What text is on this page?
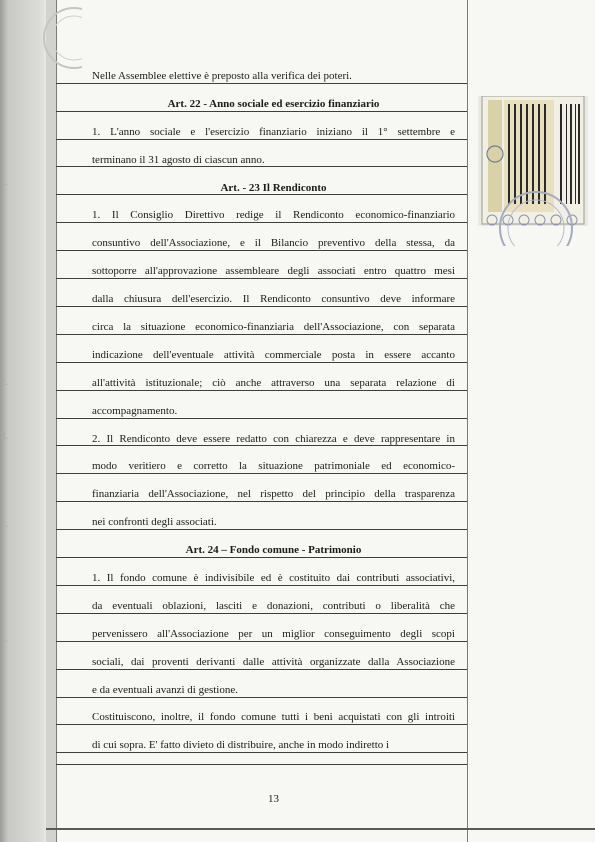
1.
2.
3.
1.
1.
Nelle Assemblee elettive è preposto alla verifica dei poteri.
Art. 22 - Anno sociale ed esercizio finanziario
1. L'anno sociale e l'esercizio finanziario iniziano il 1° settembre e
terminano il 31 agosto di ciascun anno.
Art. - 23 Il Rendiconto
1. Il Consiglio Direttivo redige il Rendiconto economico-finanziario
consuntivo dell'Associazione, e il Bilancio preventivo della stessa, da
sottoporre all'approvazione assembleare degli associati entro quattro mesi
dalla chiusura dell'esercizio. Il Rendiconto consuntivo deve informare
circa la situazione economico-finanziaria dell'Associazione, con separata
indicazione dell'eventuale attività commerciale posta in essere accanto
all'attività istituzionale; ciò anche attraverso una separata relazione di
accompagnamento.
2. Il Rendiconto deve essere redatto con chiarezza e deve rappresentare in
modo veritiero e corretto la situazione patrimoniale ed economico-
finanziaria dell'Associazione, nel rispetto del principio della trasparenza
nei confronti degli associati.
Art. 24 – Fondo comune - Patrimonio
1. Il fondo comune è indivisibile ed è costituito dai contributi associativi,
da eventuali oblazioni, lasciti e donazioni, contributi o liberalità che
pervenissero all'Associazione per un miglior conseguimento degli scopi
sociali, dai proventi derivanti dalle attività organizzate dalla Associazione
e da eventuali avanzi di gestione.
Costituiscono, inoltre, il fondo comune tutti i beni acquistati con gli introiti
di cui sopra. E' fatto divieto di distribuire, anche in modo indiretto i
13
